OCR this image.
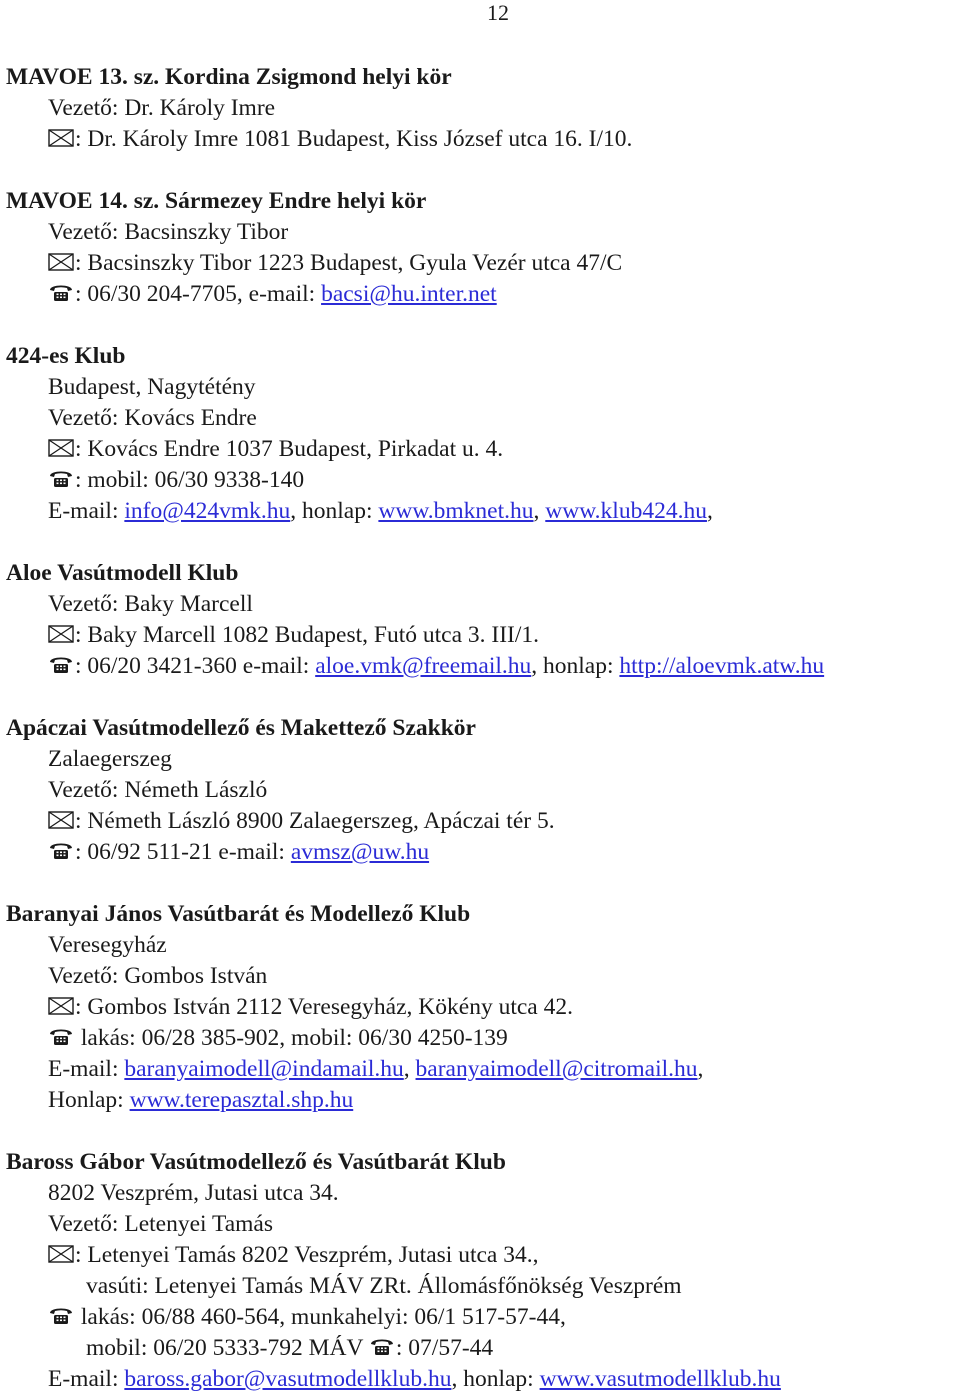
12
MAVOE 13. sz. Kordina Zsigmond helyi kör
Vezető: Dr. Károly Imre
: Dr. Károly Imre 1081 Budapest, Kiss József utca 16. I/10.
MAVOE 14. sz. Sármezey Endre helyi kör
Vezető: Bacsinszky Tibor
: Bacsinszky Tibor 1223 Budapest, Gyula Vezér utca 47/C
: 06/30 204-7705, e-mail: bacsi@hu.inter.net
424-es Klub
Budapest, Nagytétény
Vezető: Kovács Endre
: Kovács Endre 1037 Budapest, Pirkadat u. 4.
: mobil: 06/30 9338-140
E-mail: info@424vmk.hu, honlap: www.bmknet.hu, www.klub424.hu,
Aloe Vasútmodell Klub
Vezető: Baky Marcell
: Baky Marcell 1082 Budapest, Futó utca 3. III/1.
: 06/20 3421-360 e-mail: aloe.vmk@freemail.hu, honlap: http://aloevmk.atw.hu
Apáczai Vasútmodellező és Makettező Szakkör
Zalaegerszeg
Vezető: Németh László
: Németh László 8900 Zalaegerszeg, Apáczai tér 5.
: 06/92 511-21 e-mail: avmsz@uw.hu
Baranyai János Vasútbarát és Modellező Klub
Veresegyház
Vezető: Gombos István
: Gombos István 2112 Veresegyház, Kökény utca 42.
lakás: 06/28 385-902, mobil: 06/30 4250-139
E-mail: baranyaimodell@indamail.hu, baranyaimodell@citromail.hu,
Honlap: www.terepasztal.shp.hu
Baross Gábor Vasútmodellező és Vasútbarát Klub
8202 Veszprém, Jutasi utca 34.
Vezető: Letenyei Tamás
: Letenyei Tamás 8202 Veszprém, Jutasi utca 34.,
vasúti: Letenyei Tamás MÁV ZRt. Állomásfőnökség Veszprém
lakás: 06/88 460-564, munkahelyi: 06/1 517-57-44,
mobil: 06/20 5333-792 MÁV
: 07/57-44
E-mail: baross.gabor@vasutmodellklub.hu, honlap: www.vasutmodellklub.hu
